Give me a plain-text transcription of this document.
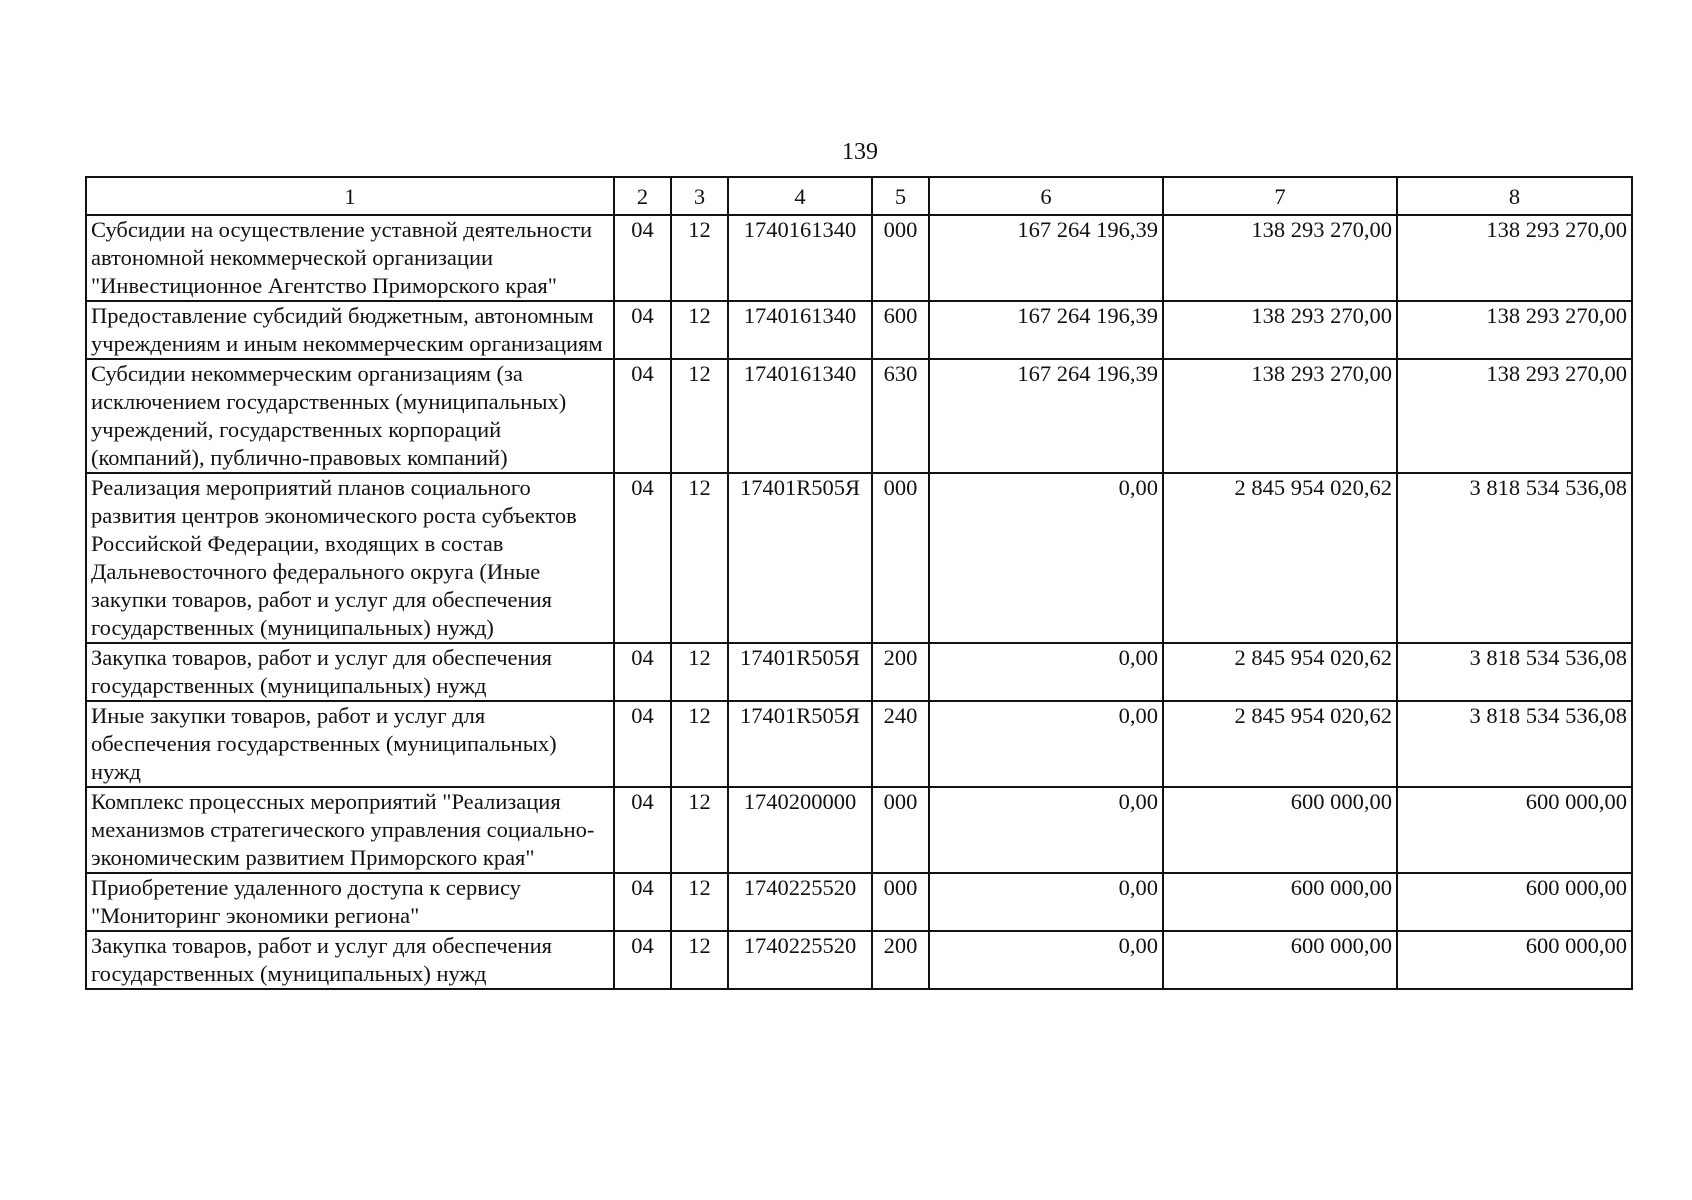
139
1	2	3	4	5	6	7	8
Субсидии на осуществление уставной деятельности автономной некоммерческой организации "Инвестиционное Агентство Приморского края"	04	12	1740161340	000	167 264 196,39	138 293 270,00	138 293 270,00
Предоставление субсидий бюджетным, автономным учреждениям и иным некоммерческим организациям	04	12	1740161340	600	167 264 196,39	138 293 270,00	138 293 270,00
Субсидии некоммерческим организациям (за исключением государственных (муниципальных) учреждений, государственных корпораций (компаний), публично-правовых компаний)	04	12	1740161340	630	167 264 196,39	138 293 270,00	138 293 270,00
Реализация мероприятий планов социального развития центров экономического роста субъектов Российской Федерации, входящих в состав Дальневосточного федерального округа (Иные закупки товаров, работ и услуг для обеспечения государственных (муниципальных) нужд)	04	12	17401R505Я	000	0,00	2 845 954 020,62	3 818 534 536,08
Закупка товаров, работ и услуг для обеспечения государственных (муниципальных) нужд	04	12	17401R505Я	200	0,00	2 845 954 020,62	3 818 534 536,08
Иные закупки товаров, работ и услуг для обеспечения государственных (муниципальных) нужд	04	12	17401R505Я	240	0,00	2 845 954 020,62	3 818 534 536,08
Комплекс процессных мероприятий "Реализация механизмов стратегического управления социально-экономическим развитием Приморского края"	04	12	1740200000	000	0,00	600 000,00	600 000,00
Приобретение удаленного доступа к сервису "Мониторинг экономики региона"	04	12	1740225520	000	0,00	600 000,00	600 000,00
Закупка товаров, работ и услуг для обеспечения государственных (муниципальных) нужд	04	12	1740225520	200	0,00	600 000,00	600 000,00
